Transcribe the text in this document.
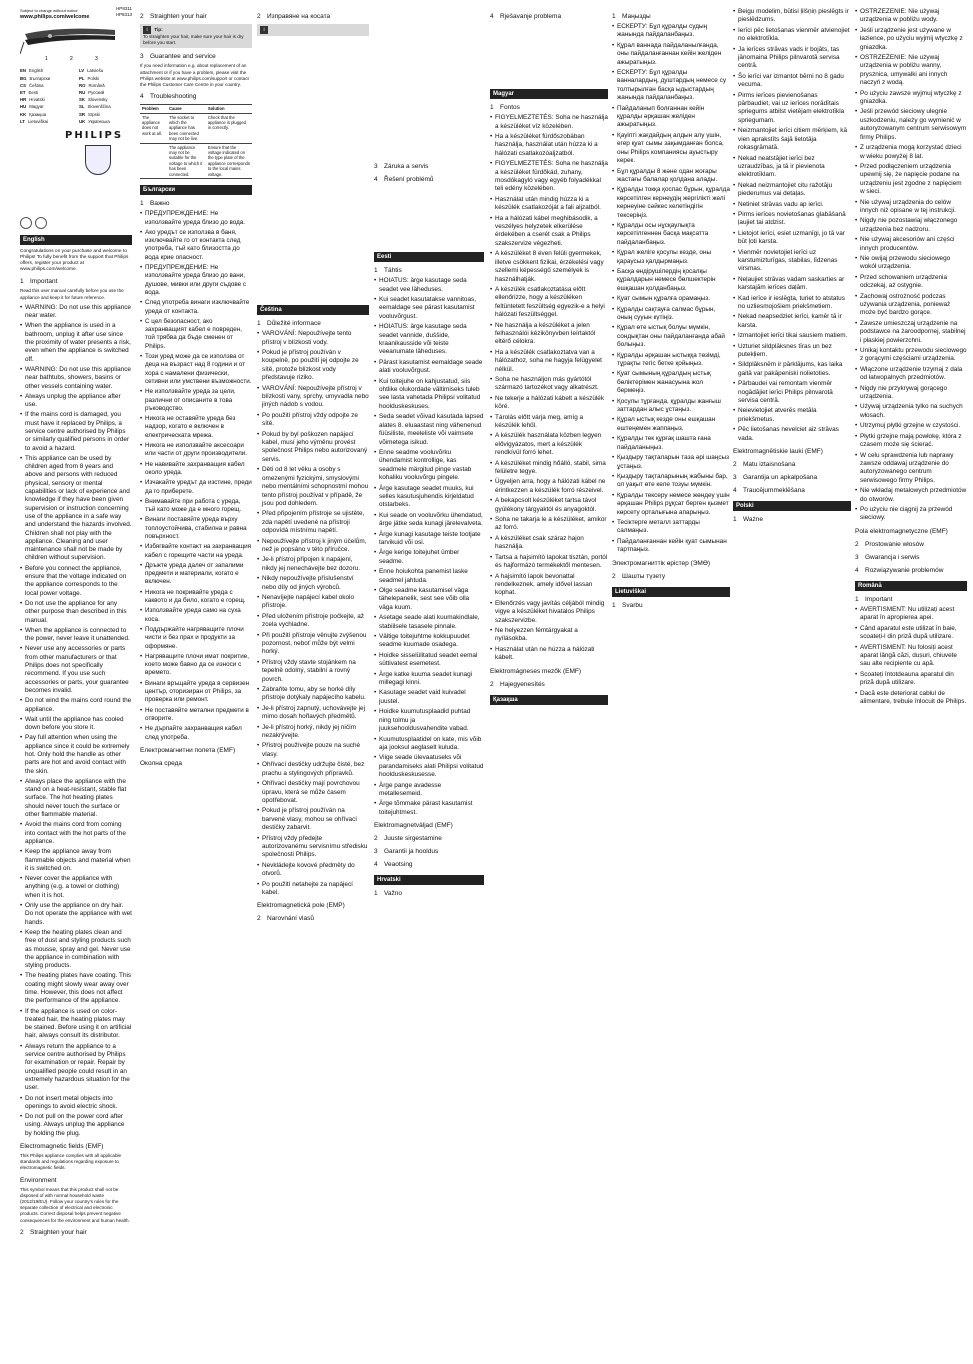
Subject to change without notice
www.philips.com/welcome
1	2	3
EN English	LV Latviešu
BG Български	PL Polski
CS Čeština	RO Română
ET Eesti	RU Русский
HR Hrvatski	SK Slovensky
HU Magyar	SL Slovenščina
KK Қазақша	SR Srpski
LT Lietuviškai	UK Українська
PHILIPS
English
Congratulations on your purchase and welcome to Philips! To fully benefit from the support that Philips offers, register your product at www.philips.com/welcome.
1 Important
Read this user manual carefully before you use the appliance and keep it for future reference.
• WARNING: Do not use this appliance near water.
• When the appliance is used in a bathroom, unplug it after use since the proximity of water presents a risk, even when the appliance is switched off.
• WARNING: Do not use this appliance near bathtubs, showers, basins or other vessels containing water.
• Always unplug the appliance after use.
• If the mains cord is damaged, you must have it replaced by Philips, a service centre authorised by Philips or similarly qualified persons in order to avoid a hazard.
• This appliance can be used by children aged from 8 years and above and persons with reduced physical, sensory or mental capabilities or lack of experience and knowledge if they have been given supervision or instruction concerning use of the appliance in a safe way and understand the hazards involved. Children shall not play with the appliance. Cleaning and user maintenance shall not be made by children without supervision.
• Before you connect the appliance, ensure that the voltage indicated on the appliance corresponds to the local power voltage.
• Do not use the appliance for any other purpose than described in this manual.
• When the appliance is connected to the power, never leave it unattended.
• Never use any accessories or parts from other manufacturers or that Philips does not specifically recommend. If you use such accessories or parts, your guarantee becomes invalid.
• Do not wind the mains cord round the appliance.
• Wait until the appliance has cooled down before you store it.
• Pay full attention when using the appliance since it could be extremely hot. Only hold the handle as other parts are hot and avoid contact with the skin.
• Always place the appliance with the stand on a heat-resistant, stable flat surface. The hot heating plates should never touch the surface or other flammable material.
• Avoid the mains cord from coming into contact with the hot parts of the appliance.
• Keep the appliance away from flammable objects and material when it is switched on.
• Never cover the appliance with anything (e.g. a towel or clothing) when it is hot.
• Only use the appliance on dry hair. Do not operate the appliance with wet hands.
• Keep the heating plates clean and free of dust and styling products such as mousse, spray and gel. Never use the appliance in combination with styling products.
• The heating plates have coating. This coating might slowly wear away over time. However, this does not affect the performance of the appliance.
• If the appliance is used on color-treated hair, the heating plates may be stained. Before using it on artificial hair, always consult its distributor.
• Always return the appliance to a service centre authorised by Philips for examination or repair. Repair by unqualified people could result in an extremely hazardous situation for the user.
• Do not insert metal objects into openings to avoid electric shock.
• Do not pull on the power cord after using. Always unplug the appliance by holding the plug.
Electromagnetic fields (EMF)
This Philips appliance complies with all applicable standards and regulations regarding exposure to electromagnetic fields.
Environment
This symbol means that this product shall not be disposed of with normal household waste (2012/19/EU). Follow your country's rules for the separate collection of electrical and electronic products. Correct disposal helps prevent negative consequences for the environment and human health.
2 Straighten your hair
2 Straighten your hair
i Tip:
To straighten your hair, make sure your hair is dry before you start.
3 Guarantee and service
If you need information e.g. about replacement of an attachment or if you have a problem, please visit the Philips website at www.philips.com/support or contact the Philips Customer Care Centre in your country.
4 Troubleshooting
Problem	Cause	Solution
The appliance does not work at all.	The socket to which the appliance has been connected may not be live.	Check that the appliance is plugged in correctly.
	The appliance may not be suitable for the voltage to which it has been connected.	Ensure that the voltage indicated on the type plate of the appliance corresponds to the local mains voltage.
Български
1 Важно
• ПРЕДУПРЕЖДЕНИЕ: Не използвайте уреда близо до вода.
• Ако уредът се използва в баня, изключвайте го от контакта след употреба, тъй като близостта до вода крие опасност.
• ПРЕДУПРЕЖДЕНИЕ: Не използвайте уреда близо до вани, душове, мивки или други съдове с вода.
• След употреба винаги изключвайте уреда от контакта.
• С цел безопасност, ако захранващият кабел е повреден, той трябва да бъде сменен от Philips.
• Този уред може да се използва от деца на възраст над 8 години и от хора с намалени физически, сетивни или умствени възможности.
• Не използвайте уреда за цели, различни от описаните в това ръководство.
• Никога не оставяйте уреда без надзор, когато е включен в електрическата мрежа.
• Никога не използвайте аксесоари или части от други производители.
• Не навивайте захранващия кабел около уреда.
• Изчакайте уредът да изстине, преди да го приберете.
• Внимавайте при работа с уреда, тъй като може да е много горещ.
• Винаги поставяйте уреда върху топлоустойчива, стабилна и равна повърхност.
• Избягвайте контакт на захранващия кабел с горещите части на уреда.
• Дръжте уреда далеч от запалими предмети и материали, когато е включен.
• Никога не покривайте уреда с каквото и да било, когато е горещ.
• Използвайте уреда само на суха коса.
• Поддържайте нагряващите плочи чисти и без прах и продукти за оформяне.
• Нагряващите плочи имат покритие, което може бавно да се износи с времето.
• Винаги връщайте уреда в сервизен център, оторизиран от Philips, за проверка или ремонт.
• Не поставяйте метални предмети в отворите.
• Не дърпайте захранващия кабел след употреба.
Електромагнитни полета (EMF)
Околна среда
2 Изправяне на косата
i
Čeština
1 Důležité informace
• VAROVÁNÍ: Nepoužívejte tento přístroj v blízkosti vody.
• Pokud je přístroj používán v koupelně, po použití jej odpojte ze sítě, protože blízkost vody představuje riziko.
• VAROVÁNÍ: Nepoužívejte přístroj v blízkosti vany, sprchy, umyvadla nebo jiných nádob s vodou.
• Po použití přístroj vždy odpojte ze sítě.
• Pokud by byl poškozen napájecí kabel, musí jeho výměnu provést společnost Philips nebo autorizovaný servis.
• Děti od 8 let věku a osoby s omezenými fyzickými, smyslovými nebo mentálními schopnostmi mohou tento přístroj používat v případě, že jsou pod dohledem.
• Před připojením přístroje se ujistěte, zda napětí uvedené na přístroji odpovídá místnímu napětí.
• Nepoužívejte přístroj k jiným účelům, než je popsáno v této příručce.
• Je-li přístroj připojen k napájení, nikdy jej nenechávejte bez dozoru.
• Nikdy nepoužívejte příslušenství nebo díly od jiných výrobců.
• Nenavíjejte napájecí kabel okolo přístroje.
• Před uložením přístroje počkejte, až zcela vychladne.
• Při použití přístroje věnujte zvýšenou pozornost, neboť může být velmi horký.
• Přístroj vždy stavte stojánkem na tepelně odolný, stabilní a rovný povrch.
• Zabraňte tomu, aby se horké díly přístroje dotýkaly napájecího kabelu.
• Je-li přístroj zapnutý, uchovávejte jej mimo dosah hořlavých předmětů.
• Je-li přístroj horký, nikdy jej ničím nezakrývejte.
• Přístroj používejte pouze na suché vlasy.
• Ohřívací destičky udržujte čisté, bez prachu a stylingových přípravků.
• Ohřívací destičky mají povrchovou úpravu, která se může časem opotřebovat.
• Pokud je přístroj používán na barvené vlasy, mohou se ohřívací destičky zabarvit.
• Přístroj vždy předejte autorizovanému servisnímu středisku společnosti Philips.
• Nevkládejte kovové předměty do otvorů.
• Po použití netahejte za napájecí kabel.
Elektromagnetická pole (EMP)
2 Narovnání vlasů
3 Záruka a servis
4 Řešení problémů
Eesti
1 Tähtis
• HOIATUS: ärge kasutage seda seadet vee läheduses.
• Kui seadet kasutatakse vannitoas, eemaldage see pärast kasutamist vooluvõrgust.
• HOIATUS: ärge kasutage seda seadet vannide, duššide, kraanikausside või teiste veeanumate läheduses.
• Pärast kasutamist eemaldage seade alati vooluvõrgust.
• Kui toitejuhe on kahjustatud, siis ohtlike olukordade vältimiseks tuleb see lasta vahetada Philipsi volitatud hoolduskeskuses.
• Seda seadet võivad kasutada lapsed alates 8. eluaastast ning vähenenud füüsiliste, meeleliste või vaimsete võimetega isikud.
• Enne seadme vooluvõrku ühendamist kontrollige, kas seadmele märgitud pinge vastab kohaliku vooluvõrgu pingele.
• Ärge kasutage seadet muuks, kui selles kasutusjuhendis kirjeldatud otstarbeks.
• Kui seade on vooluvõrku ühendatud, ärge jätke seda kunagi järelevalveta.
• Ärge kunagi kasutage teiste tootjate tarvikuid või osi.
• Ärge kerige toitejuhet ümber seadme.
• Enne hoiukohta panemist laske seadmel jahtuda.
• Olge seadme kasutamisel väga tähelepanelik, sest see võib olla väga kuum.
• Asetage seade alati kuumakindlale, stabiilsele tasasele pinnale.
• Vältige toitejuhtme kokkupuudet seadme kuumade osadega.
• Hoidke sisselülitatud seadet eemal süttivatest esemetest.
• Ärge katke kuuma seadet kunagi millegagi kinni.
• Kasutage seadet vaid kuivadel juustel.
• Hoidke kuumutusplaadid puhtad ning tolmu ja juuksehooldusvahendite vabad.
• Kuumutusplaatidel on kate, mis võib aja jooksul aeglaselt kuluda.
• Viige seade ülevaatuseks või parandamiseks alati Philipsi volitatud hoolduskeskusesse.
• Ärge pange avadesse metallesemeid.
• Ärge tõmmake pärast kasutamist toitejuhtmest.
Elektromagnetväljad (EMF)
2 Juuste sirgestamine
3 Garantii ja hooldus
4 Veaotsing
Hrvatski
1 Važno
4 Rješavanje problema
Magyar
1 Fontos
• FIGYELMEZTETÉS: Soha ne használja a készüléket víz közelében.
• Ha a készüléket fürdőszobában használja, használat után húzza ki a hálózati csatlakozóaljzatból.
• FIGYELMEZTETÉS: Soha ne használja a készüléket fürdőkád, zuhany, mosdókagyló vagy egyéb folyadékkal teli edény közelében.
• Használat után mindig húzza ki a készülék csatlakozóját a fali aljzatból.
• Ha a hálózati kábel meghibásodik, a veszélyes helyzetek elkerülése érdekében a cserét csak a Philips szakszervize végezheti.
• A készüléket 8 éven felüli gyermekek, illetve csökkent fizikai, érzékelési vagy szellemi képességű személyek is használhatják.
• A készülék csatlakoztatása előtt ellenőrizze, hogy a készüléken feltüntetett feszültség egyezik-e a helyi hálózati feszültséggel.
• Ne használja a készüléket a jelen felhasználói kézikönyvben leírtaktól eltérő célokra.
• Ha a készülék csatlakoztatva van a hálózathoz, soha ne hagyja felügyelet nélkül.
• Soha ne használjon más gyártótól származó tartozékot vagy alkatrészt.
• Ne tekerje a hálózati kábelt a készülék köré.
• Tárolás előtt várja meg, amíg a készülék lehűl.
• A készülék használata közben legyen elővigyázatos, mert a készülék rendkívül forró lehet.
• A készüléket mindig hőálló, stabil, sima felületre tegye.
• Ügyeljen arra, hogy a hálózati kábel ne érintkezzen a készülék forró részeivel.
• A bekapcsolt készüléket tartsa távol gyúlékony tárgyaktól és anyagoktól.
• Soha ne takarja le a készüléket, amikor az forró.
• A készüléket csak száraz hajon használja.
• Tartsa a hajsimító lapokat tisztán, portól és hajformázó termékektől mentesen.
• A hajsimító lapok bevonattal rendelkeznek, amely idővel lassan kophat.
• Ellenőrzés vagy javítás céljából mindig vigye a készüléket hivatalos Philips szakszervizbe.
• Ne helyezzen fémtárgyakat a nyílásokba.
• Használat után ne húzza a hálózati kábelt.
Elektromágneses mezők (EMF)
2 Hajegyenesítés
Қазақша
1 Маңызды
• ЕСКЕРТУ: Бұл құралды судың жанында пайдаланбаңыз.
• Құрал ваннада пайдаланылғанда, оны пайдаланғаннан кейін желіден ажыратыңыз.
• ЕСКЕРТУ: Бұл құралды ванналардың, душтардың немесе су толтырылған басқа ыдыстардың жанында пайдаланбаңыз.
• Пайдаланып болғаннан кейін құралды әрқашан желіден ажыратыңыз.
• Қауіпті жағдайдың алдын алу үшін, егер қуат сымы зақымданған болса, оны Philips компаниясы ауыстыру керек.
• Бұл құралды 8 және одан жоғары жастағы балалар қолдана алады.
• Құралды токқа қоспас бұрын, құралда көрсетілген кернеудің жергілікті желі кернеуіне сәйкес келетіндігін тексеріңіз.
• Құралды осы нұсқаулықта көрсетілгеннен басқа мақсатта пайдаланбаңыз.
• Құрал желіге қосулы кезде, оны қараусыз қалдырмаңыз.
• Басқа өндірушілердің қосалқы құралдарын немесе бөлшектерін ешқашан қолданбаңыз.
• Қуат сымын құралға орамаңыз.
• Құралды сақтауға салмас бұрын, оның сууын күтіңіз.
• Құрал өте ыстық болуы мүмкін, сондықтан оны пайдаланғанда абай болыңыз.
• Құралды әрқашан ыстыққа төзімді, тұрақты тегіс бетке қойыңыз.
• Қуат сымының құралдың ыстық бөліктерімен жанасуына жол бермеңіз.
• Қосулы тұрғанда, құралды жанғыш заттардан алыс ұстаңыз.
• Құрал ыстық кезде оны ешқашан ештеңемен жаппаңыз.
• Құралды тек құрғақ шашта ғана пайдаланыңыз.
• Қыздыру тақталарын таза әрі шаңсыз ұстаңыз.
• Қыздыру тақталарының жабыны бар, ол уақыт өте келе тозуы мүмкін.
• Құралды тексеру немесе жөндеу үшін әрқашан Philips рұқсат берген қызмет көрсету орталығына апарыңыз.
• Тесіктерге металл заттарды салмаңыз.
• Пайдаланғаннан кейін қуат сымынан тартпаңыз.
Электромагниттік өрістер (ЭМӨ)
2 Шашты түзету
Lietuviškai
1 Svarbu
• Beigu modelim, būtisi ļilšņiņ pieslēgts ir pieslēdzums.
• Ierīci pēc lietošanas vienmēr atvienojiet no elektrotīkla.
• Ja ierīces strāvas vads ir bojāts, tas jānomaina Philips pilnvarotā servisa centrā.
• Šo ierīci var izmantot bērni no 8 gadu vecuma.
• Pirms ierīces pievienošanas pārbaudiet, vai uz ierīces norādītais spriegums atbilst vietējam elektrotīkla spriegumam.
• Neizmantojiet ierīci citiem mērķiem, kā vien aprakstīts šajā lietotāja rokasgrāmatā.
• Nekad neatstājiet ierīci bez uzraudzības, ja tā ir pievienota elektrotīklam.
• Nekad neizmantojiet citu ražotāju piederumus vai detaļas.
• Netiniet strāvas vadu ap ierīci.
• Pirms ierīces novietošanas glabāšanā ļaujiet tai atdzist.
• Lietojot ierīci, esiet uzmanīgi, jo tā var būt ļoti karsta.
• Vienmēr novietojiet ierīci uz karstumizturīgas, stabilas, līdzenas virsmas.
• Neļaujiet strāvas vadam saskarties ar karstajām ierīces daļām.
• Kad ierīce ir ieslēgta, turiet to atstatus no uzliesmojošiem priekšmetiem.
• Nekad neapsedziet ierīci, kamēr tā ir karsta.
• Izmantojiet ierīci tikai sausiem matiem.
• Uzturiet sildplāksnes tīras un bez putekļiem.
• Sildplāksnēm ir pārklājums, kas laika gaitā var pakāpeniski nolietoties.
• Pārbaudei vai remontam vienmēr nogādājiet ierīci Philips pilnvarotā servisa centrā.
• Neievietojiet atverēs metāla priekšmetus.
• Pēc lietošanas nevelciet aiz strāvas vada.
Elektromagnētiskie lauki (EMF)
2 Matu iztaisnošana
3 Garantija un apkalpošana
4 Traucējummeklēšana
Polski
1 Ważne
• OSTRZEŻENIE: Nie używaj urządzenia w pobliżu wody.
• Jeśli urządzenie jest używane w łazience, po użyciu wyjmij wtyczkę z gniazdka.
• OSTRZEŻENIE: Nie używaj urządzenia w pobliżu wanny, prysznica, umywalki ani innych naczyń z wodą.
• Po użyciu zawsze wyjmuj wtyczkę z gniazdka.
• Jeśli przewód sieciowy ulegnie uszkodzeniu, należy go wymienić w autoryzowanym centrum serwisowym firmy Philips.
• Z urządzenia mogą korzystać dzieci w wieku powyżej 8 lat.
• Przed podłączeniem urządzenia upewnij się, że napięcie podane na urządzeniu jest zgodne z napięciem w sieci.
• Nie używaj urządzenia do celów innych niż opisane w tej instrukcji.
• Nigdy nie pozostawiaj włączonego urządzenia bez nadzoru.
• Nie używaj akcesoriów ani części innych producentów.
• Nie owijaj przewodu sieciowego wokół urządzenia.
• Przed schowaniem urządzenia odczekaj, aż ostygnie.
• Zachowaj ostrożność podczas używania urządzenia, ponieważ może być bardzo gorące.
• Zawsze umieszczaj urządzenie na podstawce na żaroodpornej, stabilnej i płaskiej powierzchni.
• Unikaj kontaktu przewodu sieciowego z gorącymi częściami urządzenia.
• Włączone urządzenie trzymaj z dala od łatwopalnych przedmiotów.
• Nigdy nie przykrywaj gorącego urządzenia.
• Używaj urządzenia tylko na suchych włosach.
• Utrzymuj płytki grzejne w czystości.
• Płytki grzejne mają powłokę, która z czasem może się ścierać.
• W celu sprawdzenia lub naprawy zawsze oddawaj urządzenie do autoryzowanego centrum serwisowego firmy Philips.
• Nie wkładaj metalowych przedmiotów do otworów.
• Po użyciu nie ciągnij za przewód sieciowy.
Pola elektromagnetyczne (EMF)
2 Prostowanie włosów
3 Gwarancja i serwis
4 Rozwiązywanie problemów
Română
1 Important
• AVERTISMENT: Nu utilizați acest aparat în apropierea apei.
• Când aparatul este utilizat în baie, scoateți-l din priză după utilizare.
• AVERTISMENT: Nu folosiți acest aparat lângă căzi, dușuri, chiuvete sau alte recipiente cu apă.
• Scoateți întotdeauna aparatul din priză după utilizare.
• Dacă este deteriorat cablul de alimentare, trebuie înlocuit de Philips.
HP8311
HP8313
